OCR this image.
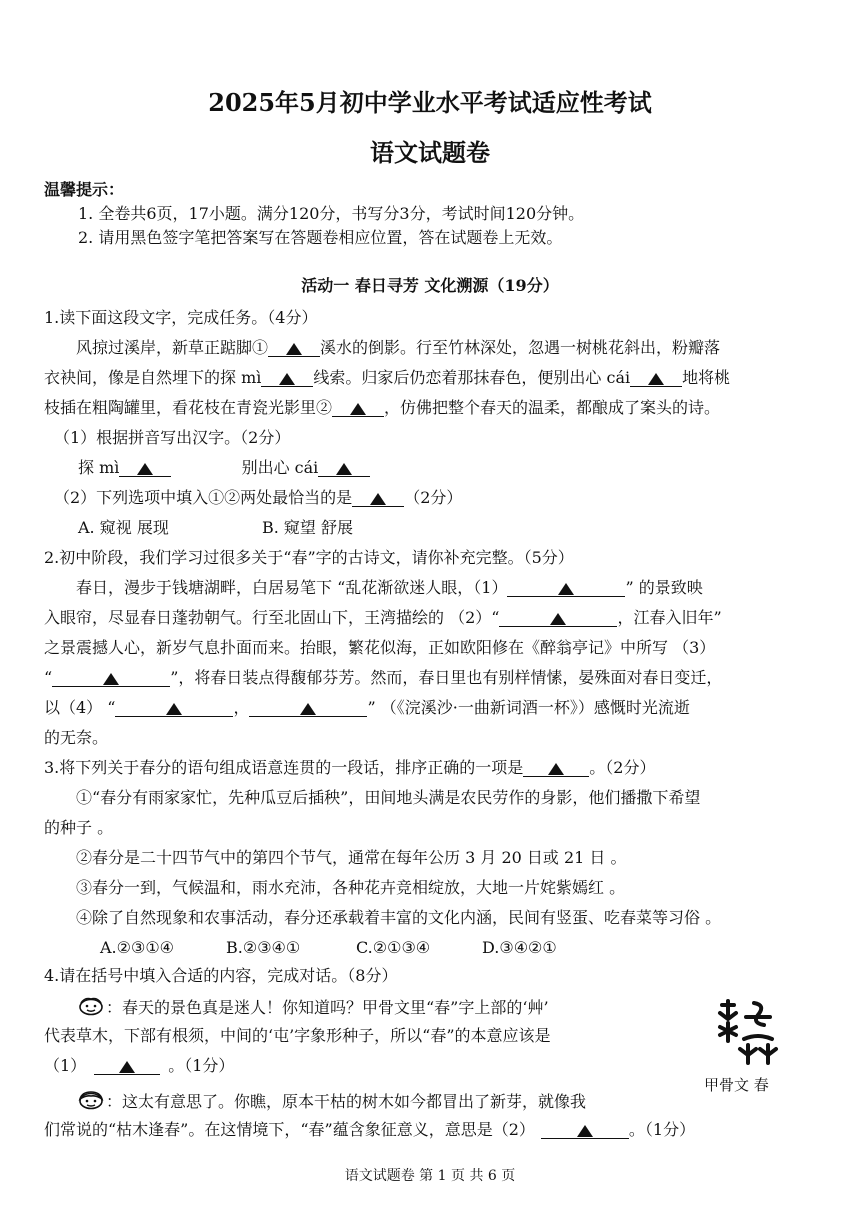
2025年5月初中学业水平考试适应性考试
语文试题卷
温馨提示：
1. 全卷共6页，17小题。满分120分，书写分3分，考试时间120分钟。
2. 请用黑色签字笔把答案写在答题卷相应位置，答在试题卷上无效。
活动一 春日寻芳 文化溯源（19分）
1.读下面这段文字，完成任务。（4分）
风掠过溪岸，新草正踮脚①	溪水的倒影。行至竹林深处，忽遇一树桃花斜出，粉瓣落
衣袂间，像是自然埋下的探 mì	线索。归家后仍恋着那抹春色，便别出心 cái	地将桃
枝插在粗陶罐里，看花枝在青瓷光影里②	，仿佛把整个春天的温柔，都酿成了案头的诗。
（1）根据拼音写出汉字。（2分）
探 mì	别出心 cái
（2）下列选项中填入①②两处最恰当的是	（2分）
A. 窥视 展现	B. 窥望 舒展
2.初中阶段，我们学习过很多关于“春”字的古诗文，请你补充完整。（5分）
春日，漫步于钱塘湖畔，白居易笔下 “乱花渐欲迷人眼，（1）	” 的景致映
入眼帘，尽显春日蓬勃朝气。行至北固山下，王湾描绘的 （2）“	，江春入旧年”
之景震撼人心，新岁气息扑面而来。抬眼，繁花似海，正如欧阳修在《醉翁亭记》中所写 （3）
“	”，将春日装点得馥郁芬芳。然而，春日里也有别样情愫，晏殊面对春日变迁，
以（4） “	，	” （《浣溪沙·一曲新词酒一杯》）感慨时光流逝
的无奈。
3.将下列关于春分的语句组成语意连贯的一段话，排序正确的一项是	。（2分）
①“春分有雨家家忙，先种瓜豆后插秧”，田间地头满是农民劳作的身影，他们播撒下希望
的种子 。
②春分是二十四节气中的第四个节气，通常在每年公历 3 月 20 日或 21 日 。
③春分一到，气候温和，雨水充沛，各种花卉竞相绽放，大地一片姹紫嫣红 。
④除了自然现象和农事活动，春分还承载着丰富的文化内涵，民间有竖蛋、吃春菜等习俗 。
A.②③①④	B.②③④①	C.②①③④	D.③④②①
4.请在括号中填入合适的内容，完成对话。（8分）
：春天的景色真是迷人！你知道吗？甲骨文里“春”字上部的‘艸’
代表草木，下部有根须，中间的‘屯’字象形种子，所以“春”的本意应该是
（1）	。（1分）
：这太有意思了。你瞧，原本干枯的树木如今都冒出了新芽，就像我
们常说的“枯木逢春”。在这情境下，“春”蕴含象征意义，意思是（2）	。（1分）
甲骨文 春
语文试题卷 第 1 页 共 6 页
